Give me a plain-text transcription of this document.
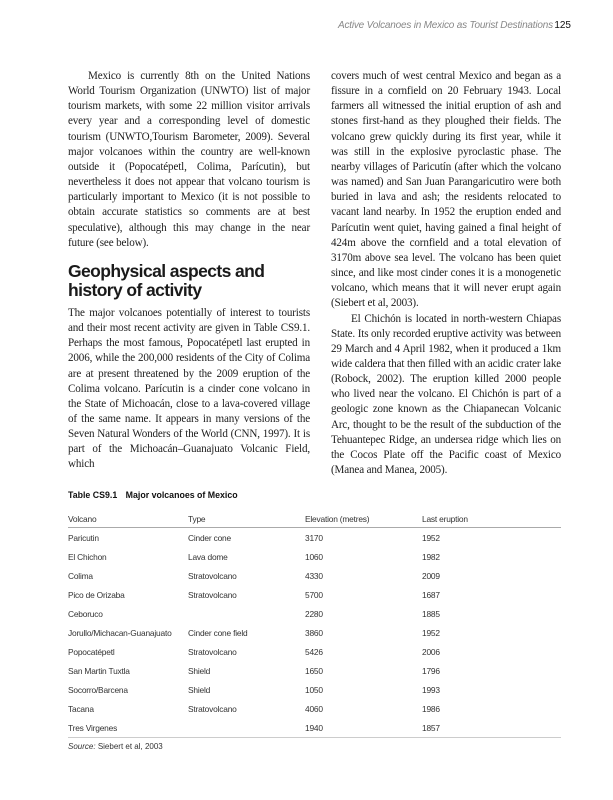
Active Volcanoes in Mexico as Tourist Destinations 125

Mexico is currently 8th on the United Nations World Tourism Organization (UNWTO) list of major tourism markets, with some 22 million visitor arrivals every year and a corresponding level of domestic tourism (UNWTO,Tourism Barometer, 2009). Several major volcanoes within the country are well-known outside it (Popocatépetl, Colima, Parícutin), but nevertheless it does not appear that volcano tourism is particularly important to Mexico (it is not possible to obtain accurate statistics so comments are at best speculative), although this may change in the near future (see below).

Geophysical aspects and history of activity

The major volcanoes potentially of interest to tourists and their most recent activity are given in Table CS9.1. Perhaps the most famous, Popocatépetl last erupted in 2006, while the 200,000 residents of the City of Colima are at present threatened by the 2009 eruption of the Colima volcano. Parícutin is a cinder cone volcano in the State of Michoacán, close to a lava-covered village of the same name. It appears in many versions of the Seven Natural Wonders of the World (CNN, 1997). It is part of the Michoacán–Guanajuato Volcanic Field, which

covers much of west central Mexico and began as a fissure in a cornfield on 20 February 1943. Local farmers all witnessed the initial eruption of ash and stones first-hand as they ploughed their fields. The volcano grew quickly during its first year, while it was still in the explosive pyroclastic phase. The nearby villages of Paricutín (after which the volcano was named) and San Juan Parangaricutiro were both buried in lava and ash; the residents relocated to vacant land nearby. In 1952 the eruption ended and Parícutin went quiet, having gained a final height of 424m above the cornfield and a total elevation of 3170m above sea level. The volcano has been quiet since, and like most cinder cones it is a monogenetic volcano, which means that it will never erupt again (Siebert et al, 2003).

El Chichón is located in north-western Chiapas State. Its only recorded eruptive activity was between 29 March and 4 April 1982, when it produced a 1km wide caldera that then filled with an acidic crater lake (Robock, 2002). The eruption killed 2000 people who lived near the volcano. El Chichón is part of a geologic zone known as the Chiapanecan Volcanic Arc, thought to be the result of the subduction of the Tehuantepec Ridge, an undersea ridge which lies on the Cocos Plate off the Pacific coast of Mexico (Manea and Manea, 2005).

Table CS9.1 Major volcanoes of Mexico
Volcano	Type	Elevation (metres)	Last eruption
Paricutin	Cinder cone	3170	1952
El Chichon	Lava dome	1060	1982
Colima	Stratovolcano	4330	2009
Pico de Orizaba	Stratovolcano	5700	1687
Ceboruco		2280	1885
Jorullo/Michacan-Guanajuato	Cinder cone field	3860	1952
Popocatépetl	Stratovolcano	5426	2006
San Martin Tuxtla	Shield	1650	1796
Socorro/Barcena	Shield	1050	1993
Tacana	Stratovolcano	4060	1986
Tres Virgenes		1940	1857
Source: Siebert et al, 2003
